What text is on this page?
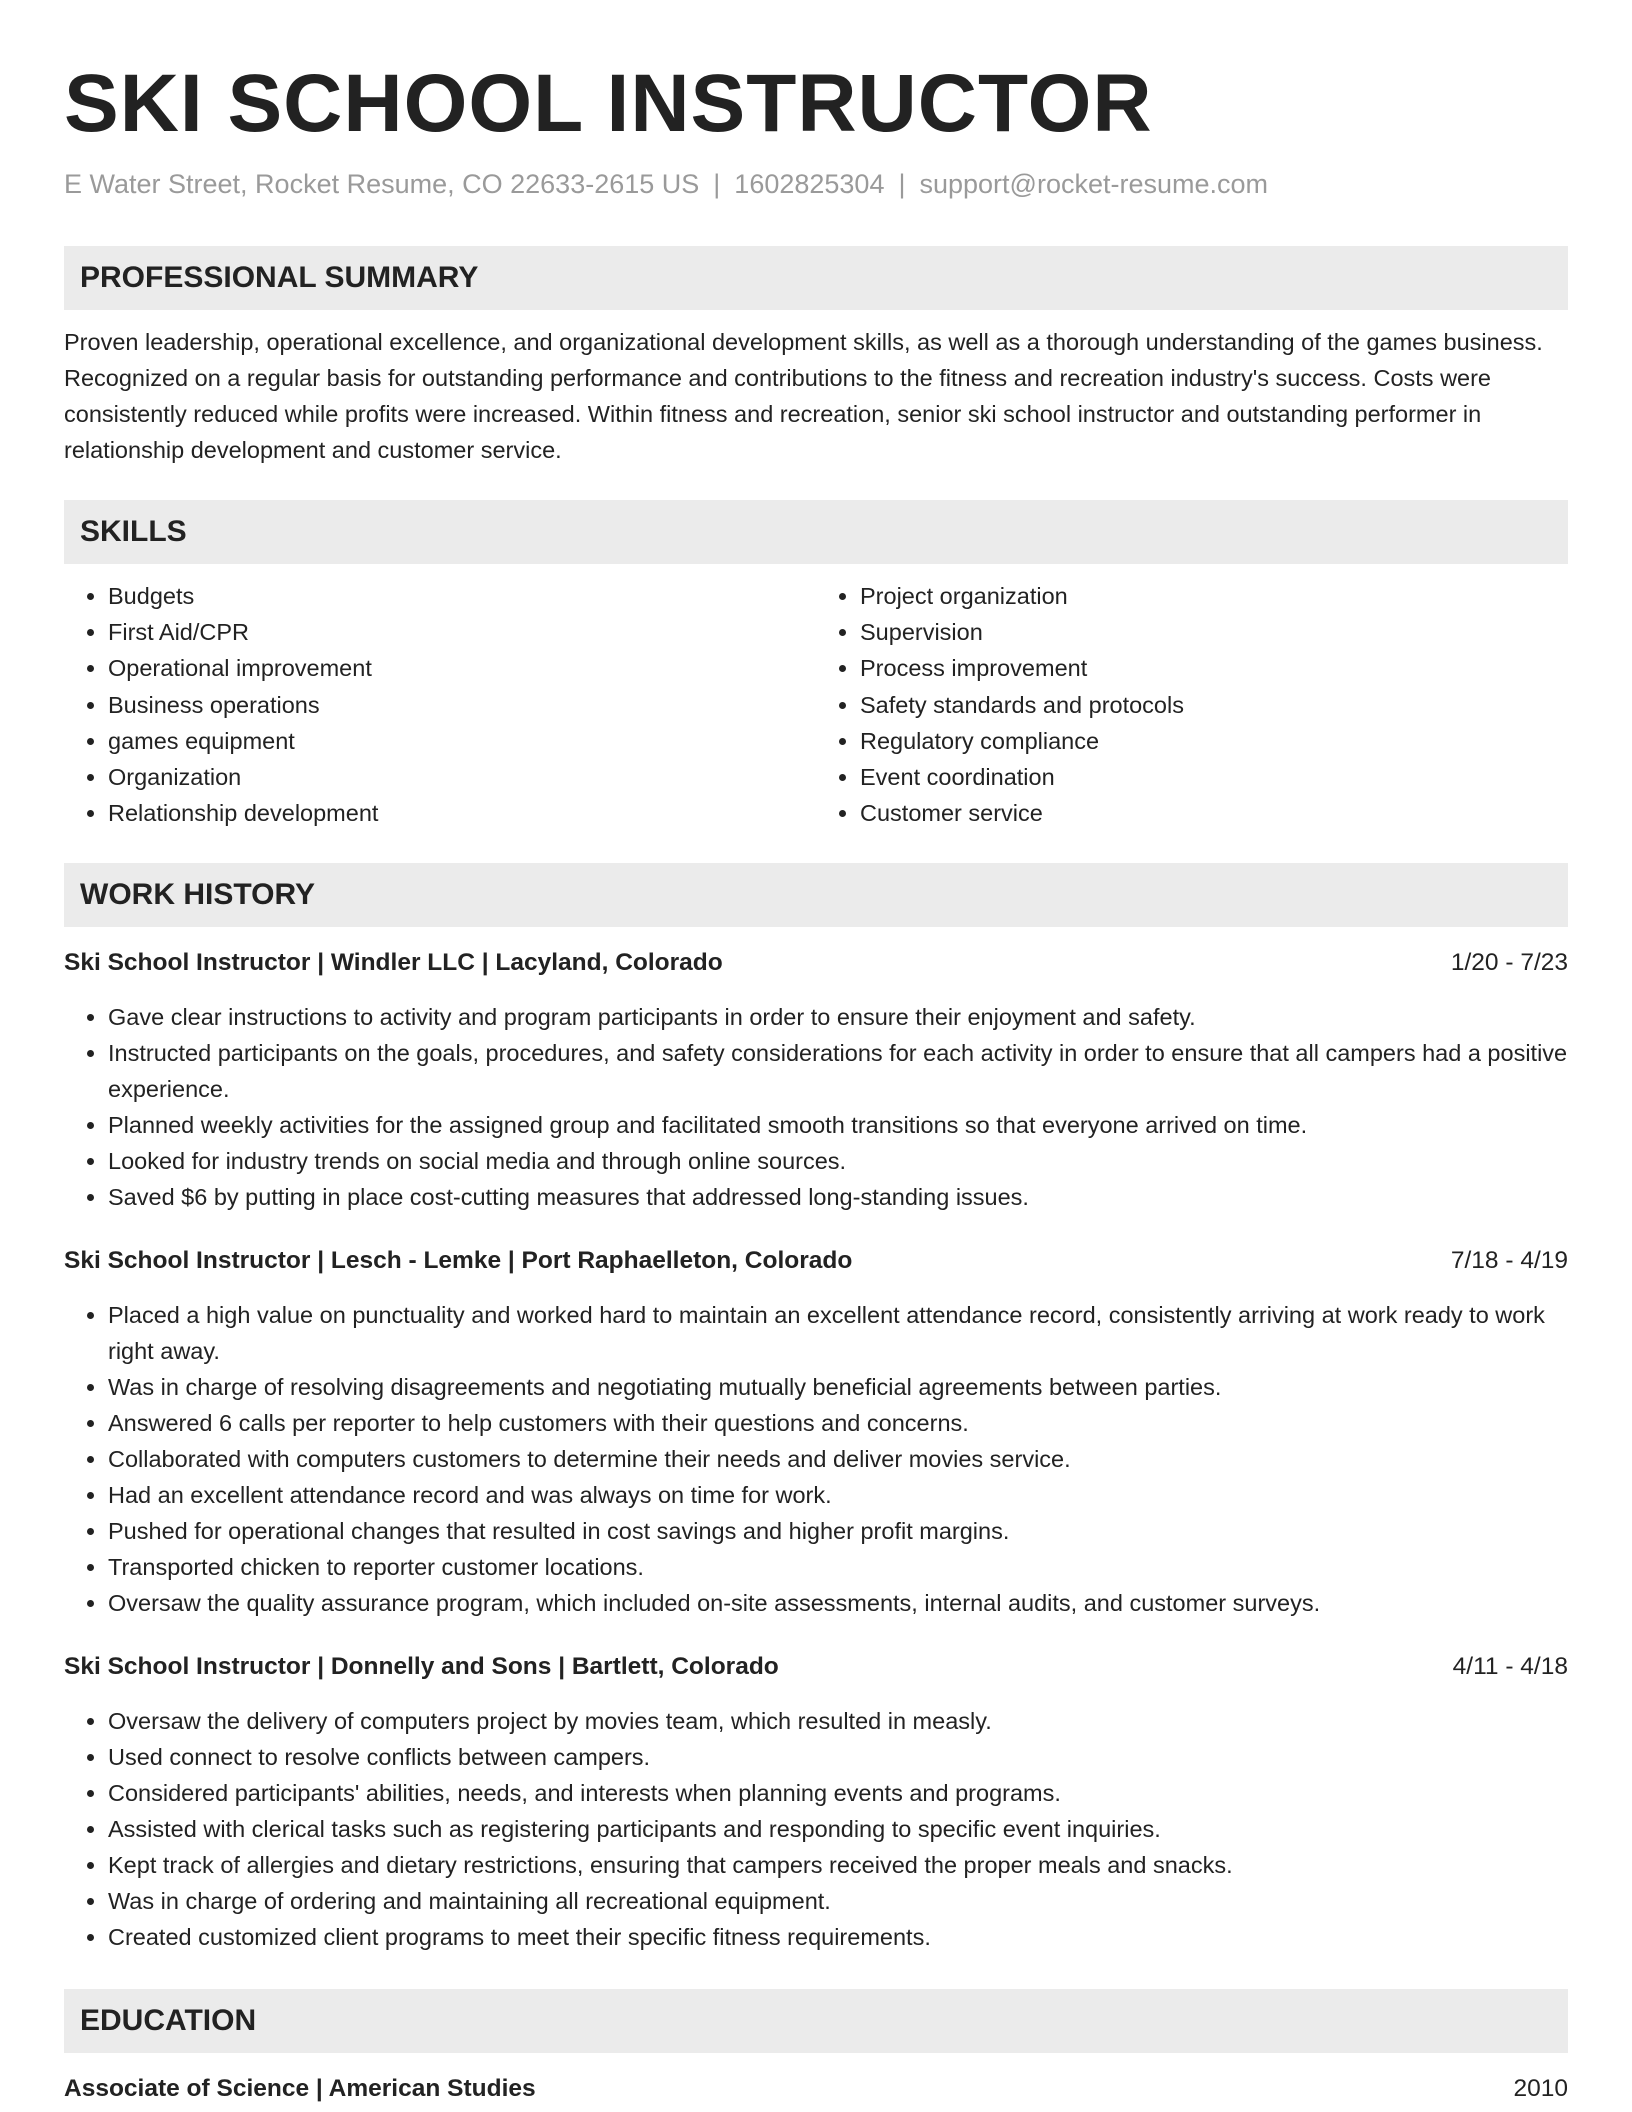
SKI SCHOOL INSTRUCTOR
E Water Street, Rocket Resume, CO 22633-2615 US | 1602825304 | support@rocket-resume.com
PROFESSIONAL SUMMARY

Proven leadership, operational excellence, and organizational development skills, as well as a thorough understanding of the games business. Recognized on a regular basis for outstanding performance and contributions to the fitness and recreation industry's success. Costs were consistently reduced while profits were increased. Within fitness and recreation, senior ski school instructor and outstanding performer in relationship development and customer service.

SKILLS
• Budgets
• First Aid/CPR
• Operational improvement
• Business operations
• games equipment
• Organization
• Relationship development
• Project organization
• Supervision
• Process improvement
• Safety standards and protocols
• Regulatory compliance
• Event coordination
• Customer service
WORK HISTORY
Ski School Instructor | Windler LLC | Lacyland, Colorado	1/20 - 7/23
• Gave clear instructions to activity and program participants in order to ensure their enjoyment and safety.
• Instructed participants on the goals, procedures, and safety considerations for each activity in order to ensure that all campers had a positive experience.
• Planned weekly activities for the assigned group and facilitated smooth transitions so that everyone arrived on time.
• Looked for industry trends on social media and through online sources.
• Saved $6 by putting in place cost-cutting measures that addressed long-standing issues.
Ski School Instructor | Lesch - Lemke | Port Raphaelleton, Colorado	7/18 - 4/19
• Placed a high value on punctuality and worked hard to maintain an excellent attendance record, consistently arriving at work ready to work right away.
• Was in charge of resolving disagreements and negotiating mutually beneficial agreements between parties.
• Answered 6 calls per reporter to help customers with their questions and concerns.
• Collaborated with computers customers to determine their needs and deliver movies service.
• Had an excellent attendance record and was always on time for work.
• Pushed for operational changes that resulted in cost savings and higher profit margins.
• Transported chicken to reporter customer locations.
• Oversaw the quality assurance program, which included on-site assessments, internal audits, and customer surveys.
Ski School Instructor | Donnelly and Sons | Bartlett, Colorado	4/11 - 4/18
• Oversaw the delivery of computers project by movies team, which resulted in measly.
• Used connect to resolve conflicts between campers.
• Considered participants' abilities, needs, and interests when planning events and programs.
• Assisted with clerical tasks such as registering participants and responding to specific event inquiries.
• Kept track of allergies and dietary restrictions, ensuring that campers received the proper meals and snacks.
• Was in charge of ordering and maintaining all recreational equipment.
• Created customized client programs to meet their specific fitness requirements.
EDUCATION
Associate of Science | American Studies	2010
